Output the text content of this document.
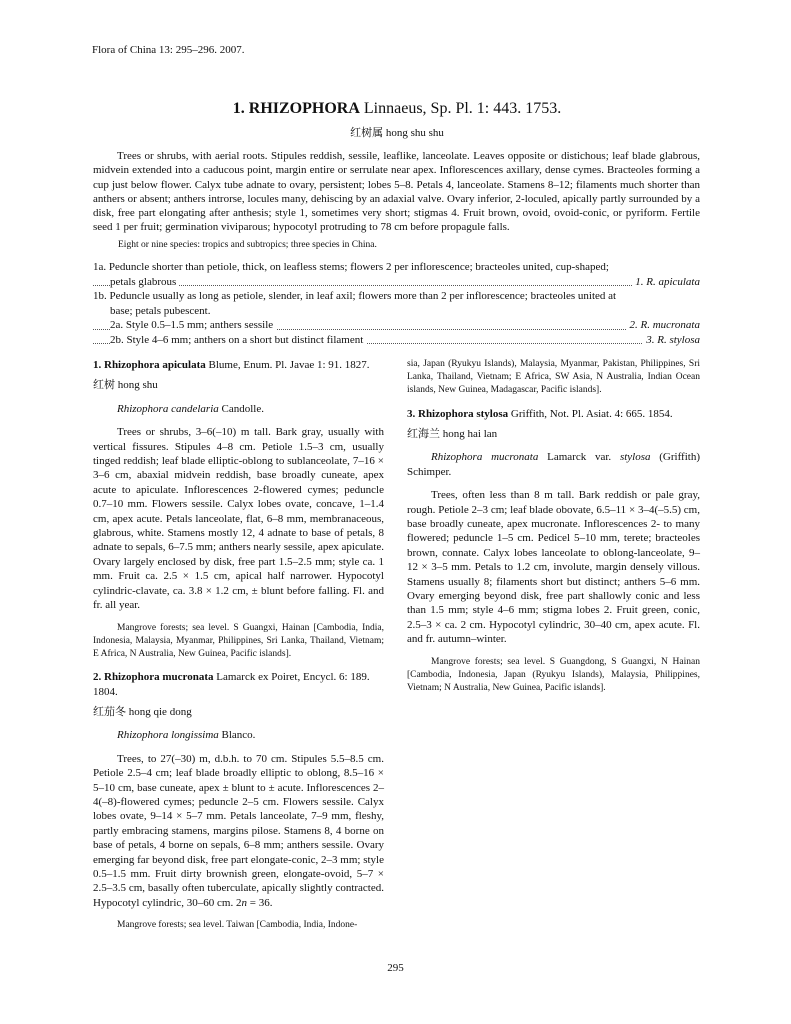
Flora of China 13: 295–296. 2007.
1. RHIZOPHORA Linnaeus, Sp. Pl. 1: 443. 1753.
红树属 hong shu shu

Trees or shrubs, with aerial roots. Stipules reddish, sessile, leaflike, lanceolate. Leaves opposite or distichous; leaf blade glabrous, midvein extended into a caducous point, margin entire or serrulate near apex. Inflorescences axillary, dense cymes. Bracteoles forming a cup just below flower. Calyx tube adnate to ovary, persistent; lobes 5–8. Petals 4, lanceolate. Stamens 8–12; filaments much shorter than anthers or absent; anthers introrse, locules many, dehiscing by an adaxial valve. Ovary inferior, 2-loculed, apically partly surrounded by a disk, free part elongating after anthesis; style 1, sometimes very short; stigmas 4. Fruit brown, ovoid, ovoid-conic, or pyriform. Fertile seed 1 per fruit; germination viviparous; hypocotyl protruding to 78 cm before propagule falls.

Eight or nine species: tropics and subtropics; three species in China.
1a. Peduncle shorter than petiole, thick, on leafless stems; flowers 2 per inflorescence; bracteoles united, cup-shaped;
petals glabrous	1. R. apiculata
1b. Peduncle usually as long as petiole, slender, in leaf axil; flowers more than 2 per inflorescence; bracteoles united at
base; petals pubescent.
2a. Style 0.5–1.5 mm; anthers sessile	2. R. mucronata
2b. Style 4–6 mm; anthers on a short but distinct filament	3. R. stylosa

1. Rhizophora apiculata Blume, Enum. Pl. Javae 1: 91. 1827.

红树 hong shu

Rhizophora candelaria Candolle.

Trees or shrubs, 3–6(–10) m tall. Bark gray, usually with vertical fissures. Stipules 4–8 cm. Petiole 1.5–3 cm, usually tinged reddish; leaf blade elliptic-oblong to sublanceolate, 7–16 × 3–6 cm, abaxial midvein reddish, base broadly cuneate, apex acute to apiculate. Inflorescences 2-flowered cymes; peduncle 0.7–10 mm. Flowers sessile. Calyx lobes ovate, concave, 1–1.4 cm, apex acute. Petals lanceolate, flat, 6–8 mm, membranaceous, glabrous, white. Stamens mostly 12, 4 adnate to base of petals, 8 adnate to sepals, 6–7.5 mm; anthers nearly sessile, apex apiculate. Ovary largely enclosed by disk, free part 1.5–2.5 mm; style ca. 1 mm. Fruit ca. 2.5 × 1.5 cm, apical half narrower. Hypocotyl cylindric-clavate, ca. 3.8 × 1.2 cm, ± blunt before falling. Fl. and fr. all year.

Mangrove forests; sea level. S Guangxi, Hainan [Cambodia, India, Indonesia, Malaysia, Myanmar, Philippines, Sri Lanka, Thailand, Vietnam; E Africa, N Australia, New Guinea, Pacific islands].

2. Rhizophora mucronata Lamarck ex Poiret, Encycl. 6: 189. 1804.

红茄冬 hong qie dong

Rhizophora longissima Blanco.

Trees, to 27(–30) m, d.b.h. to 70 cm. Stipules 5.5–8.5 cm. Petiole 2.5–4 cm; leaf blade broadly elliptic to oblong, 8.5–16 × 5–10 cm, base cuneate, apex ± blunt to ± acute. Inflorescences 2–4(–8)-flowered cymes; peduncle 2–5 cm. Flowers sessile. Calyx lobes ovate, 9–14 × 5–7 mm. Petals lanceolate, 7–9 mm, fleshy, partly embracing stamens, margins pilose. Stamens 8, 4 borne on base of petals, 4 borne on sepals, 6–8 mm; anthers sessile. Ovary emerging far beyond disk, free part elongate-conic, 2–3 mm; style 0.5–1.5 mm. Fruit dirty brownish green, elongate-ovoid, 5–7 × 2.5–3.5 cm, basally often tuberculate, apically slightly contracted. Hypocotyl cylindric, 30–60 cm. 2n = 36.

Mangrove forests; sea level. Taiwan [Cambodia, India, Indone-

sia, Japan (Ryukyu Islands), Malaysia, Myanmar, Pakistan, Philippines, Sri Lanka, Thailand, Vietnam; E Africa, SW Asia, N Australia, Indian Ocean islands, New Guinea, Madagascar, Pacific islands].

3. Rhizophora stylosa Griffith, Not. Pl. Asiat. 4: 665. 1854.

红海兰 hong hai lan

Rhizophora mucronata Lamarck var. stylosa (Griffith) Schimper.

Trees, often less than 8 m tall. Bark reddish or pale gray, rough. Petiole 2–3 cm; leaf blade obovate, 6.5–11 × 3–4(–5.5) cm, base broadly cuneate, apex mucronate. Inflorescences 2- to many flowered; peduncle 1–5 cm. Pedicel 5–10 mm, terete; bracteoles brown, connate. Calyx lobes lanceolate to oblong-lanceolate, 9–12 × 3–5 mm. Petals to 1.2 cm, involute, margin densely villous. Stamens usually 8; filaments short but distinct; anthers 5–6 mm. Ovary emerging beyond disk, free part shallowly conic and less than 1.5 mm; style 4–6 mm; stigma lobes 2. Fruit green, conic, 2.5–3 × ca. 2 cm. Hypocotyl cylindric, 30–40 cm, apex acute. Fl. and fr. autumn–winter.

Mangrove forests; sea level. S Guangdong, S Guangxi, N Hainan [Cambodia, Indonesia, Japan (Ryukyu Islands), Malaysia, Philippines, Vietnam; N Australia, New Guinea, Pacific islands].

295
